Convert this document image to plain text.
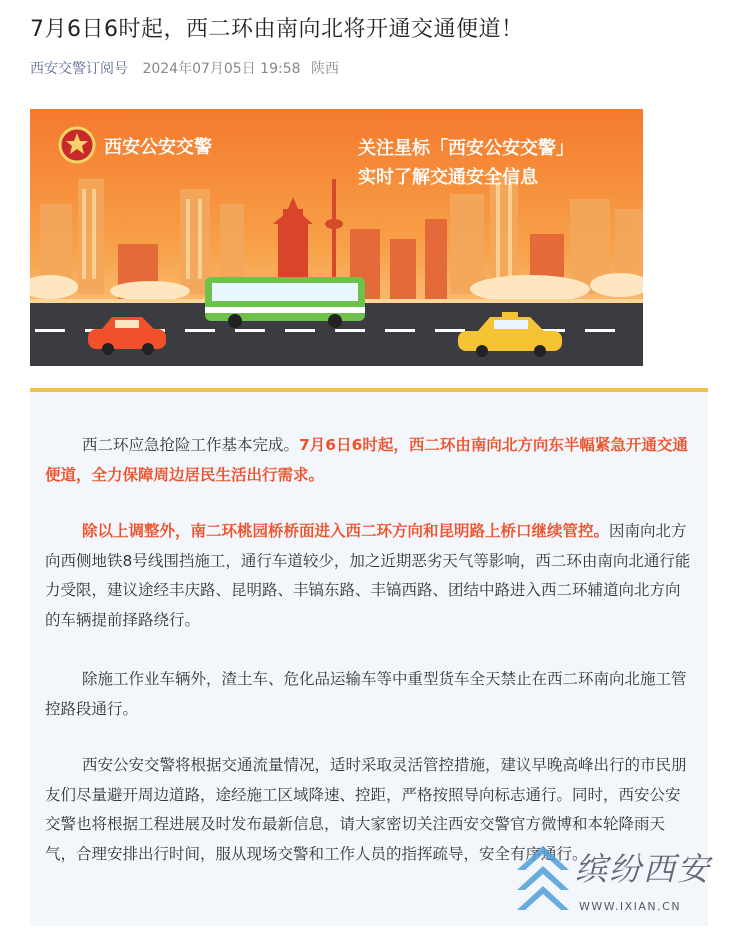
7月6日6时起，西二环由南向北将开通交通便道！
西安交警订阅号 2024年07月05日 19:58 陕西
西安公安交警	关注星标「西安公安交警」
实时了解交通安全信息
西二环应急抢险工作基本完成。7月6日6时起，西二环由南向北方向东半幅紧急开通交通便道，全力保障周边居民生活出行需求。
除以上调整外，南二环桃园桥桥面进入西二环方向和昆明路上桥口继续管控。因南向北方向西侧地铁8号线围挡施工，通行车道较少，加之近期恶劣天气等影响，西二环由南向北通行能力受限，建议途经丰庆路、昆明路、丰镐东路、丰镐西路、团结中路进入西二环辅道向北方向的车辆提前择路绕行。
除施工作业车辆外，渣土车、危化品运输车等中重型货车全天禁止在西二环南向北施工管控路段通行。
西安公安交警将根据交通流量情况，适时采取灵活管控措施，建议早晚高峰出行的市民朋友们尽量避开周边道路，途经施工区域降速、控距，严格按照导向标志通行。同时，西安公安交警也将根据工程进展及时发布最新信息，请大家密切关注西安交警官方微博和本轮降雨天气，合理安排出行时间，服从现场交警和工作人员的指挥疏导，安全有序通行。
缤纷西安
WWW.IXIAN.CN
